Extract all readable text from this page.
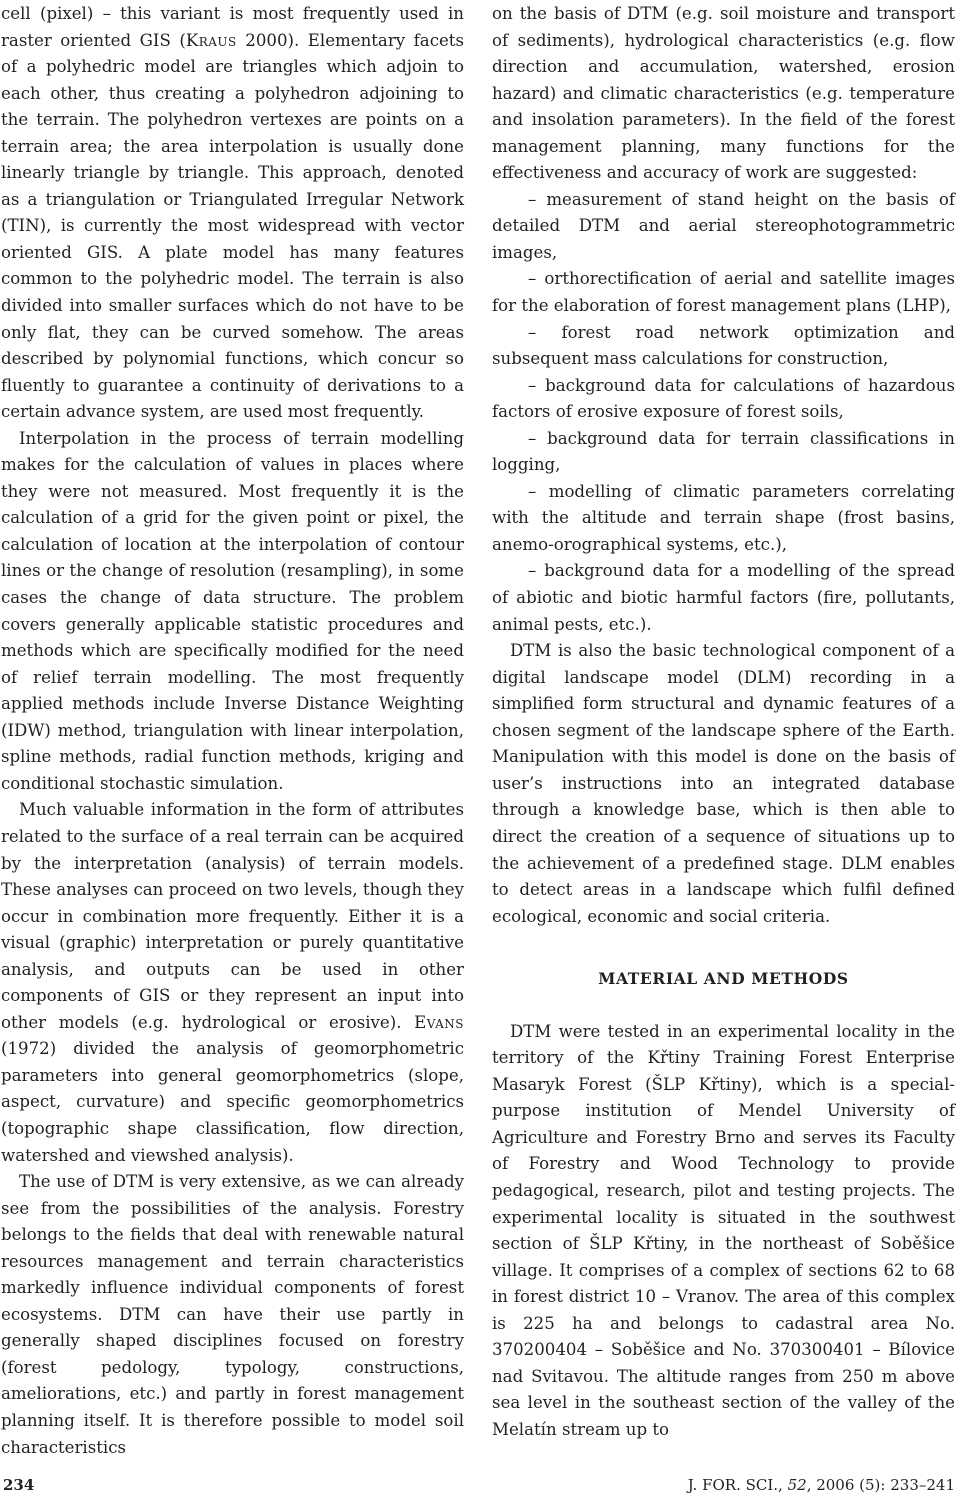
cell (pixel) – this variant is most frequently used in raster oriented GIS (Kraus 2000). Elementary facets of a polyhedric model are triangles which adjoin to each other, thus creating a polyhedron adjoining to the terrain. The polyhedron vertexes are points on a terrain area; the area interpolation is usually done linearly triangle by triangle. This approach, denoted as a triangulation or Triangulated Irregular Network (TIN), is currently the most widespread with vector oriented GIS. A plate model has many features common to the polyhedric model. The terrain is also divided into smaller surfaces which do not have to be only flat, they can be curved somehow. The areas described by polynomial functions, which concur so fluently to guarantee a continuity of derivations to a certain advance system, are used most frequently.

Interpolation in the process of terrain modelling makes for the calculation of values in places where they were not measured. Most frequently it is the calculation of a grid for the given point or pixel, the calculation of location at the interpolation of contour lines or the change of resolution (resampling), in some cases the change of data structure. The problem covers generally applicable statistic procedures and methods which are specifically modified for the need of relief terrain modelling. The most frequently applied methods include Inverse Distance Weighting (IDW) method, triangulation with linear interpolation, spline methods, radial function methods, kriging and conditional stochastic simulation.

Much valuable information in the form of attributes related to the surface of a real terrain can be acquired by the interpretation (analysis) of terrain models. These analyses can proceed on two levels, though they occur in combination more frequently. Either it is a visual (graphic) interpretation or purely quantitative analysis, and outputs can be used in other components of GIS or they represent an input into other models (e.g. hydrological or erosive). Evans (1972) divided the analysis of geomorphometric parameters into general geomorphometrics (slope, aspect, curvature) and specific geomorphometrics (topographic shape classification, flow direction, watershed and viewshed analysis).

The use of DTM is very extensive, as we can already see from the possibilities of the analysis. Forestry belongs to the fields that deal with renewable natural resources management and terrain characteristics markedly influence individual components of forest ecosystems. DTM can have their use partly in generally shaped disciplines focused on forestry (forest pedology, typology, constructions, ameliorations, etc.) and partly in forest management planning itself. It is therefore possible to model soil characteristics

on the basis of DTM (e.g. soil moisture and transport of sediments), hydrological characteristics (e.g. flow direction and accumulation, watershed, erosion hazard) and climatic characteristics (e.g. temperature and insolation parameters). In the field of the forest management planning, many functions for the effectiveness and accuracy of work are suggested:

– measurement of stand height on the basis of detailed DTM and aerial stereophotogrammetric images,

– orthorectification of aerial and satellite images for the elaboration of forest management plans (LHP),

– forest road network optimization and subsequent mass calculations for construction,

– background data for calculations of hazardous factors of erosive exposure of forest soils,

– background data for terrain classifications in logging,

– modelling of climatic parameters correlating with the altitude and terrain shape (frost basins, anemo-orographical systems, etc.),

– background data for a modelling of the spread of abiotic and biotic harmful factors (fire, pollutants, animal pests, etc.).

DTM is also the basic technological component of a digital landscape model (DLM) recording in a simplified form structural and dynamic features of a chosen segment of the landscape sphere of the Earth. Manipulation with this model is done on the basis of user’s instructions into an integrated database through a knowledge base, which is then able to direct the creation of a sequence of situations up to the achievement of a predefined stage. DLM enables to detect areas in a landscape which fulfil defined ecological, economic and social criteria.

MATERIAL AND METHODS

DTM were tested in an experimental locality in the territory of the Křtiny Training Forest Enterprise Masaryk Forest (ŠLP Křtiny), which is a special-purpose institution of Mendel University of Agriculture and Forestry Brno and serves its Faculty of Forestry and Wood Technology to provide pedagogical, research, pilot and testing projects. The experimental locality is situated in the southwest section of ŠLP Křtiny, in the northeast of Soběšice village. It comprises of a complex of sections 62 to 68 in forest district 10 – Vranov. The area of this complex is 225 ha and belongs to cadastral area No. 370200404 – Soběšice and No. 370300401 – Bílovice nad Svitavou. The altitude ranges from 250 m above sea level in the southeast section of the valley of the Melatín stream up to

234	J. FOR. SCI., 52, 2006 (5): 233–241
